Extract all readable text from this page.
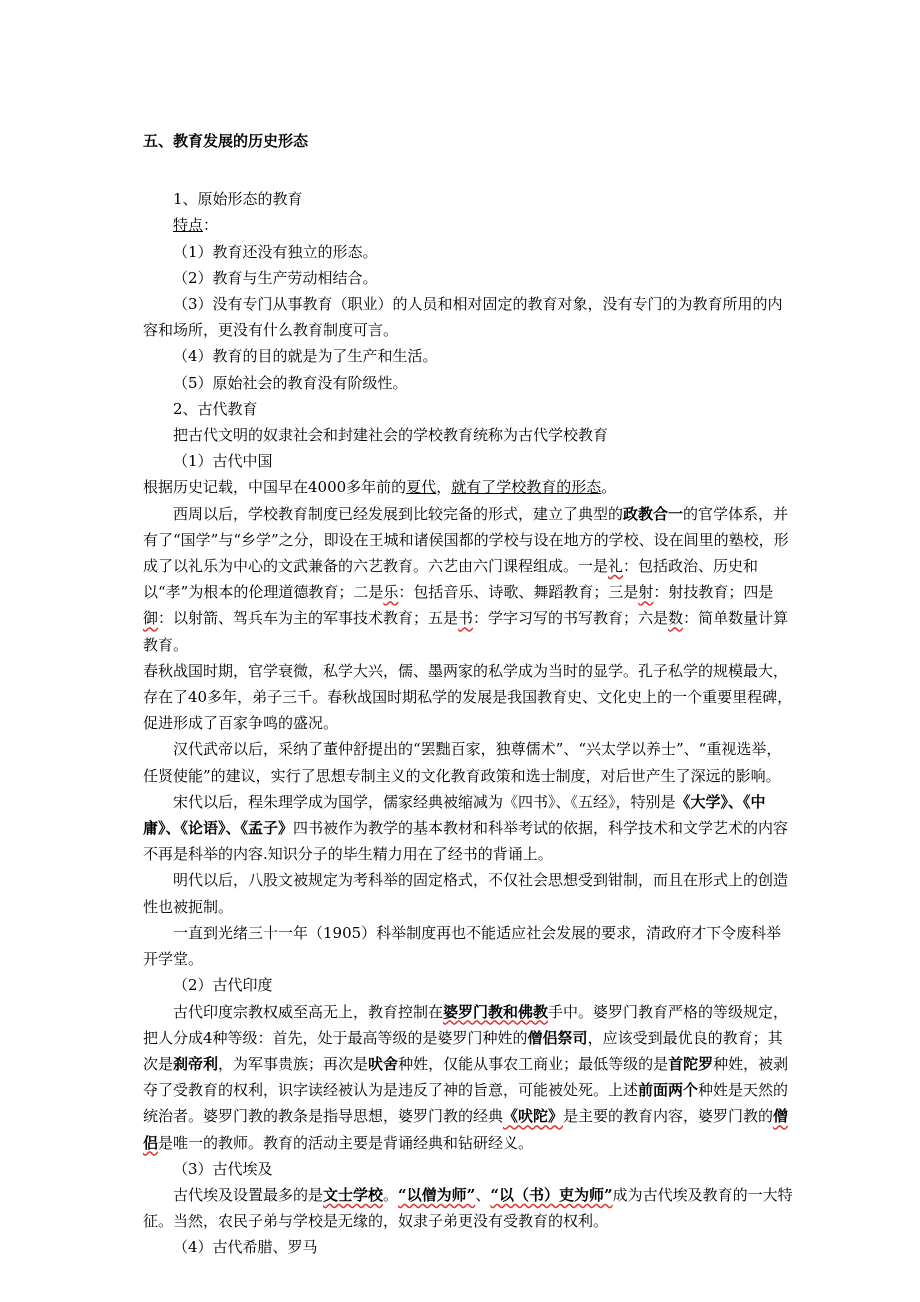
五、教育发展的历史形态

1、原始形态的教育

特点：

（1）教育还没有独立的形态。

（2）教育与生产劳动相结合。

（3）没有专门从事教育（职业）的人员和相对固定的教育对象，没有专门的为教育所用的内容和场所，更没有什么教育制度可言。

（4）教育的目的就是为了生产和生活。

（5）原始社会的教育没有阶级性。

2、古代教育

把古代文明的奴隶社会和封建社会的学校教育统称为古代学校教育

（1）古代中国

根据历史记载，中国早在4000多年前的夏代，就有了学校教育的形态。

西周以后，学校教育制度已经发展到比较完备的形式，建立了典型的政教合一的官学体系，并有了“国学”与“乡学”之分，即设在王城和诸侯国都的学校与设在地方的学校、设在闾里的塾校，形成了以礼乐为中心的文武兼备的六艺教育。六艺由六门课程组成。一是礼：包括政治、历史和以“孝”为根本的伦理道德教育；二是乐：包括音乐、诗歌、舞蹈教育；三是射：射技教育；四是御：以射箭、驾兵车为主的军事技术教育；五是书：学字习写的书写教育；六是数：简单数量计算教育。

春秋战国时期，官学衰微，私学大兴，儒、墨两家的私学成为当时的显学。孔子私学的规模最大，存在了40多年，弟子三千。春秋战国时期私学的发展是我国教育史、文化史上的一个重要里程碑，促进形成了百家争鸣的盛况。

汉代武帝以后，采纳了董仲舒提出的“罢黜百家，独尊儒术”、“兴太学以养士”、“重视选举，任贤使能”的建议，实行了思想专制主义的文化教育政策和选士制度，对后世产生了深远的影响。

宋代以后，程朱理学成为国学，儒家经典被缩减为《四书》、《五经》，特别是《大学》、《中庸》、《论语》、《孟子》四书被作为教学的基本教材和科举考试的依据，科学技术和文学艺术的内容不再是科举的内容.知识分子的毕生精力用在了经书的背诵上。

明代以后，八股文被规定为考科举的固定格式，不仅社会思想受到钳制，而且在形式上的创造性也被扼制。

一直到光绪三十一年（1905）科举制度再也不能适应社会发展的要求，清政府才下令废科举开学堂。

（2）古代印度

古代印度宗教权威至高无上，教育控制在婆罗门教和佛教手中。婆罗门教育严格的等级规定，把人分成4种等级：首先，处于最高等级的是婆罗门种姓的僧侣祭司，应该受到最优良的教育；其次是刹帝利，为军事贵族；再次是吠舍种姓，仅能从事农工商业；最低等级的是首陀罗种姓，被剥夺了受教育的权利，识字读经被认为是违反了神的旨意，可能被处死。上述前面两个种姓是天然的统治者。婆罗门教的教条是指导思想，婆罗门教的经典《吠陀》是主要的教育内容，婆罗门教的僧侣是唯一的教师。教育的活动主要是背诵经典和钻研经义。

（3）古代埃及

古代埃及设置最多的是文士学校。“以僧为师”、“以（书）吏为师”成为古代埃及教育的一大特征。当然，农民子弟与学校是无缘的，奴隶子弟更没有受教育的权利。

（4）古代希腊、罗马
